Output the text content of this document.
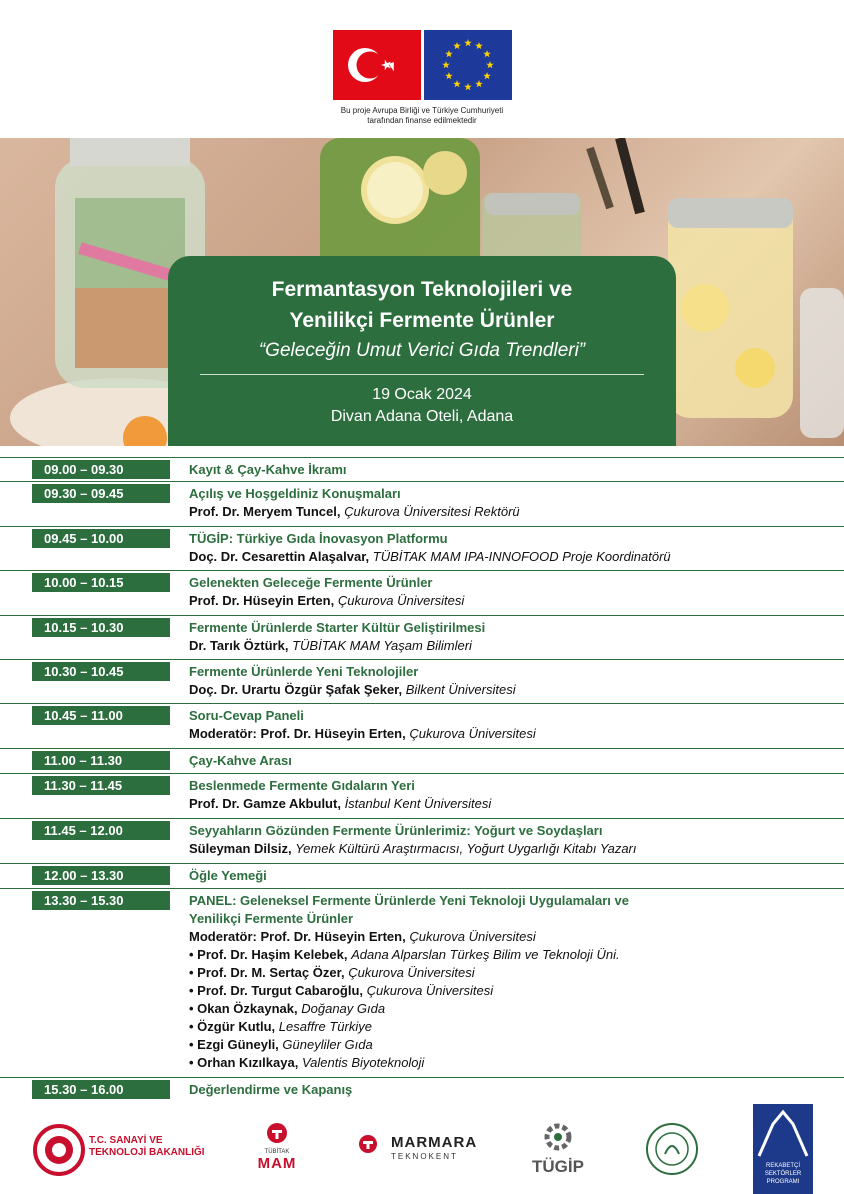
Bu proje Avrupa Birliği ve Türkiye Cumhuriyeti
tarafından finanse edilmektedir
Fermantasyon Teknolojileri ve
Yenilikçi Fermente Ürünler
“Geleceğin Umut Verici Gıda Trendleri”
19 Ocak 2024
Divan Adana Oteli, Adana
09.00 – 09.30	Kayıt & Çay-Kahve İkramı
09.30 – 09.45	Açılış ve Hoşgeldiniz Konuşmaları
Prof. Dr. Meryem Tuncel, Çukurova Üniversitesi Rektörü
09.45 – 10.00	TÜGİP: Türkiye Gıda İnovasyon Platformu
Doç. Dr. Cesarettin Alaşalvar, TÜBİTAK MAM IPA-INNOFOOD Proje Koordinatörü
10.00 – 10.15	Gelenekten Geleceğe Fermente Ürünler
Prof. Dr. Hüseyin Erten, Çukurova Üniversitesi
10.15 – 10.30	Fermente Ürünlerde Starter Kültür Geliştirilmesi
Dr. Tarık Öztürk, TÜBİTAK MAM Yaşam Bilimleri
10.30 – 10.45	Fermente Ürünlerde Yeni Teknolojiler
Doç. Dr. Urartu Özgür Şafak Şeker, Bilkent Üniversitesi
10.45 – 11.00	Soru-Cevap Paneli
Moderatör: Prof. Dr. Hüseyin Erten, Çukurova Üniversitesi
11.00 – 11.30	Çay-Kahve Arası
11.30 – 11.45	Beslenmede Fermente Gıdaların Yeri
Prof. Dr. Gamze Akbulut, İstanbul Kent Üniversitesi
11.45 – 12.00	Seyyahların Gözünden Fermente Ürünlerimiz: Yoğurt ve Soydaşları
Süleyman Dilsiz, Yemek Kültürü Araştırmacısı, Yoğurt Uygarlığı Kitabı Yazarı
12.00 – 13.30	Öğle Yemeği
13.30 – 15.30	PANEL: Geleneksel Fermente Ürünlerde Yeni Teknoloji Uygulamaları ve Yenilikçi Fermente Ürünler
Moderatör: Prof. Dr. Hüseyin Erten, Çukurova Üniversitesi
• Prof. Dr. Haşim Kelebek, Adana Alparslan Türkeş Bilim ve Teknoloji Üni.
• Prof. Dr. M. Sertaç Özer, Çukurova Üniversitesi
• Prof. Dr. Turgut Cabaroğlu, Çukurova Üniversitesi
• Okan Özkaynak, Doğanay Gıda
• Özgür Kutlu, Lesaffre Türkiye
• Ezgi Güneyli, Güneyliler Gıda
• Orhan Kızılkaya, Valentis Biyoteknoloji
15.30 – 16.00	Değerlendirme ve Kapanış
T.C. SANAYİ VE
TEKNOLOJİ BAKANLIĞI	TÜBİTAK
MAM
MARMARA
TEKNOKENT
TÜGİP	REKABETÇİ
SEKTÖRLER
PROGRAMI
